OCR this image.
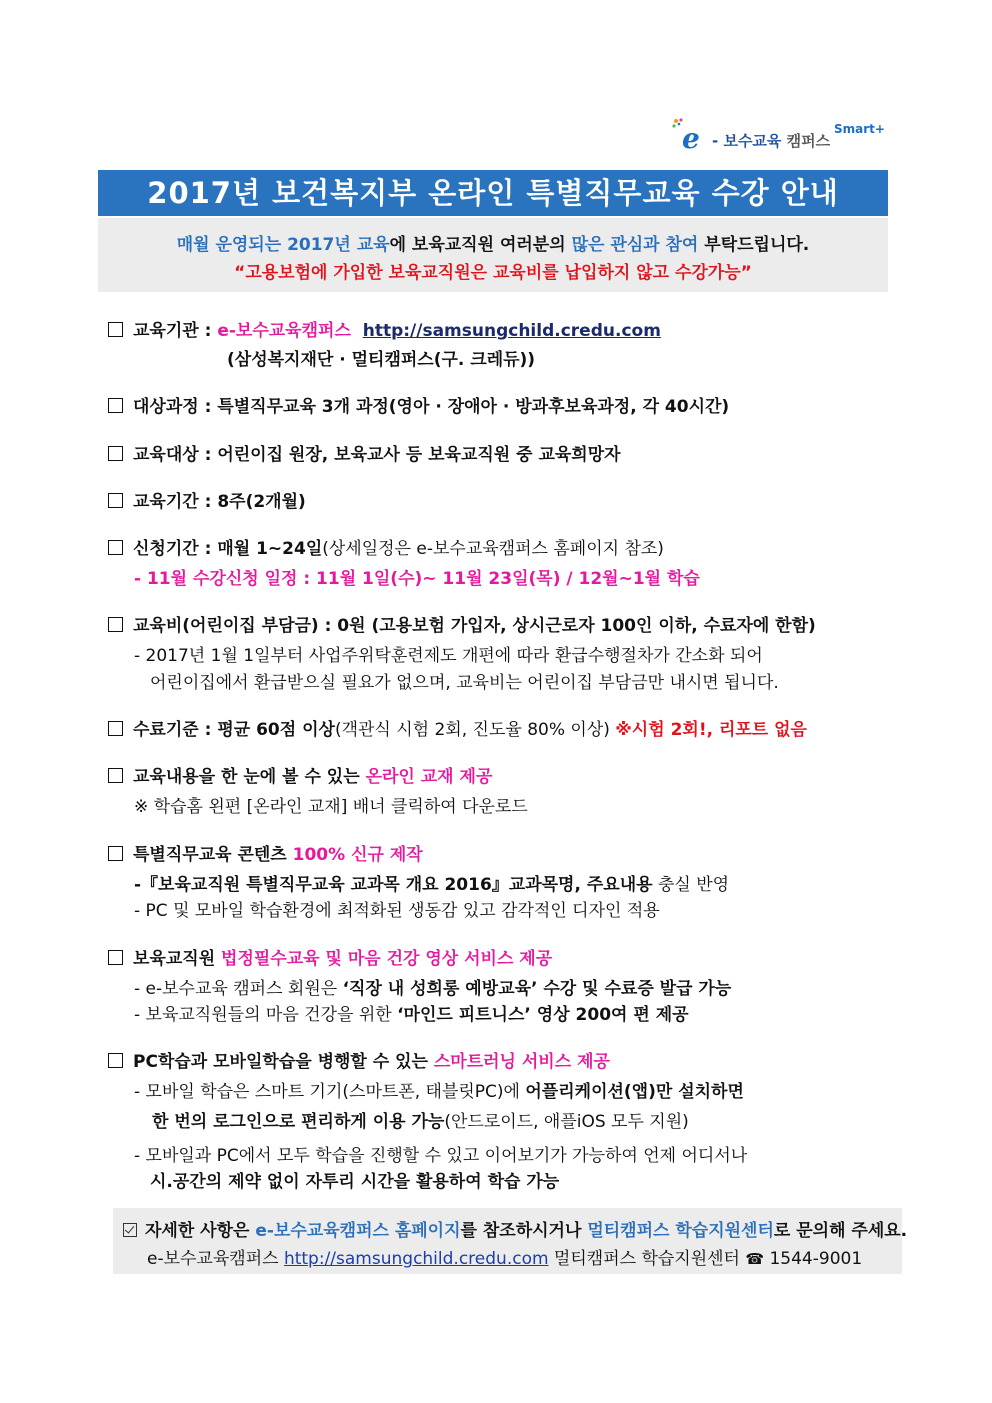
e - 보수교육 캠퍼스
Smart+
2017년 보건복지부 온라인 특별직무교육 수강 안내
매월 운영되는 2017년 교육에 보육교직원 여러분의 많은 관심과 참여 부탁드립니다.
“고용보험에 가입한 보육교직원은 교육비를 납입하지 않고 수강가능”
교육기관 : e-보수교육캠퍼스 http://samsungchild.credu.com
(삼성복지재단 · 멀티캠퍼스(구. 크레듀))
대상과정 : 특별직무교육 3개 과정(영아 · 장애아 · 방과후보육과정, 각 40시간)
교육대상 : 어린이집 원장, 보육교사 등 보육교직원 중 교육희망자
교육기간 : 8주(2개월)
신청기간 : 매월 1~24일(상세일정은 e-보수교육캠퍼스 홈페이지 참조)
- 11월 수강신청 일정 : 11월 1일(수)~ 11월 23일(목) / 12월~1월 학습
교육비(어린이집 부담금) : 0원 (고용보험 가입자, 상시근로자 100인 이하, 수료자에 한함)
- 2017년 1월 1일부터 사업주위탁훈련제도 개편에 따라 환급수행절차가 간소화 되어
어린이집에서 환급받으실 필요가 없으며, 교육비는 어린이집 부담금만 내시면 됩니다.
수료기준 : 평균 60점 이상(객관식 시험 2회, 진도율 80% 이상) ※시험 2회!, 리포트 없음
교육내용을 한 눈에 볼 수 있는 온라인 교재 제공
※ 학습홈 왼편 [온라인 교재] 배너 클릭하여 다운로드
특별직무교육 콘텐츠 100% 신규 제작
-『보육교직원 특별직무교육 교과목 개요 2016』교과목명, 주요내용 충실 반영
- PC 및 모바일 학습환경에 최적화된 생동감 있고 감각적인 디자인 적용
보육교직원 법정필수교육 및 마음 건강 영상 서비스 제공
- e-보수교육 캠퍼스 회원은 ‘직장 내 성희롱 예방교육’ 수강 및 수료증 발급 가능
- 보육교직원들의 마음 건강을 위한 ‘마인드 피트니스’ 영상 200여 편 제공
PC학습과 모바일학습을 병행할 수 있는 스마트러닝 서비스 제공
- 모바일 학습은 스마트 기기(스마트폰, 태블릿PC)에 어플리케이션(앱)만 설치하면
한 번의 로그인으로 편리하게 이용 가능(안드로이드, 애플iOS 모두 지원)
- 모바일과 PC에서 모두 학습을 진행할 수 있고 이어보기가 가능하여 언제 어디서나
시.공간의 제약 없이 자투리 시간을 활용하여 학습 가능
자세한 사항은 e-보수교육캠퍼스 홈페이지를 참조하시거나 멀티캠퍼스 학습지원센터로 문의해 주세요.
e-보수교육캠퍼스 http://samsungchild.credu.com 멀티캠퍼스 학습지원센터 ☎ 1544-9001
